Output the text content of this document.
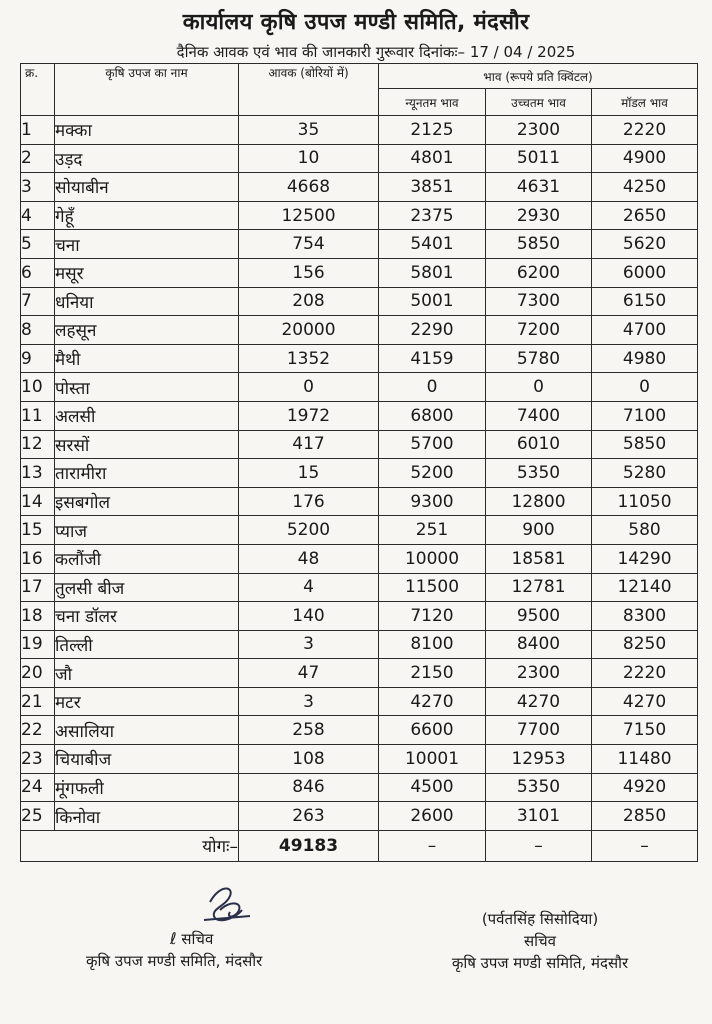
कार्यालय कृषि उपज मण्डी समिति, मंदसौर
दैनिक आवक एवं भाव की जानकारी गुरूवार दिनांकः– 17 / 04 / 2025
क्र.	कृषि उपज का नाम	आवक (बोरियों में)	भाव (रूपये प्रति क्विंटल)		
			न्यूनतम भाव	उच्चतम भाव	मॉडल भाव
1	मक्का	35	2125	2300	2220
2	उड़द	10	4801	5011	4900
3	सोयाबीन	4668	3851	4631	4250
4	गेहूँ	12500	2375	2930	2650
5	चना	754	5401	5850	5620
6	मसूर	156	5801	6200	6000
7	धनिया	208	5001	7300	6150
8	लहसून	20000	2290	7200	4700
9	मैथी	1352	4159	5780	4980
10	पोस्ता	0	0	0	0
11	अलसी	1972	6800	7400	7100
12	सरसों	417	5700	6010	5850
13	तारामीरा	15	5200	5350	5280
14	इसबगोल	176	9300	12800	11050
15	प्याज	5200	251	900	580
16	कलौंजी	48	10000	18581	14290
17	तुलसी बीज	4	11500	12781	12140
18	चना डॉलर	140	7120	9500	8300
19	तिल्ली	3	8100	8400	8250
20	जौ	47	2150	2300	2220
21	मटर	3	4270	4270	4270
22	असालिया	258	6600	7700	7150
23	चियाबीज	108	10001	12953	11480
24	मूंगफली	846	4500	5350	4920
25	किनोवा	263	2600	3101	2850
योगः–		49183	–	–	–
ℓ सचिव
कृषि उपज मण्डी समिति, मंदसौर
(पर्वतसिंह सिसोदिया)
सचिव
कृषि उपज मण्डी समिति, मंदसौर
